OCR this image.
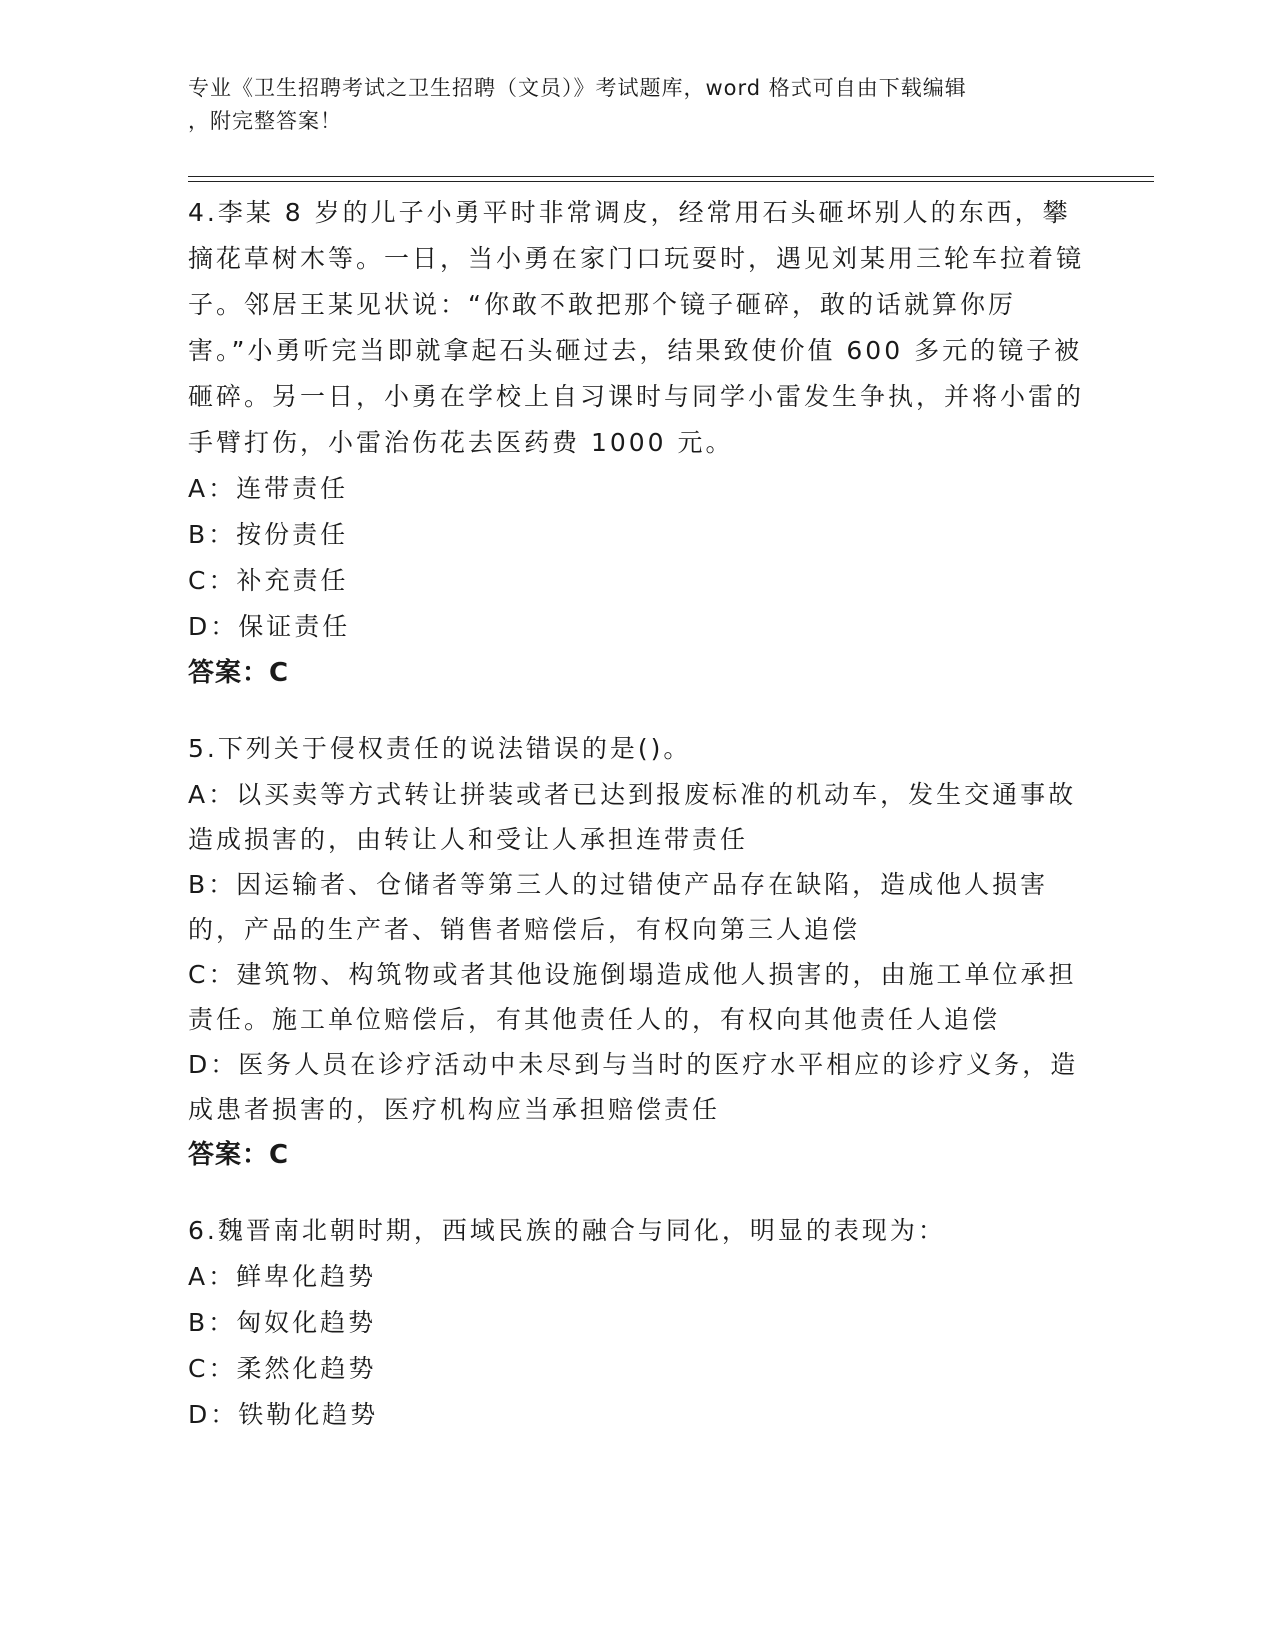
专业《卫生招聘考试之卫生招聘（文员）》考试题库，word 格式可自由下载编辑

，附完整答案！

4.李某 8 岁的儿子小勇平时非常调皮，经常用石头砸坏别人的东西，攀摘花草树木等。一日，当小勇在家门口玩耍时，遇见刘某用三轮车拉着镜子。邻居王某见状说：“你敢不敢把那个镜子砸碎，敢的话就算你厉害。”小勇听完当即就拿起石头砸过去，结果致使价值 600 多元的镜子被砸碎。另一日，小勇在学校上自习课时与同学小雷发生争执，并将小雷的手臂打伤，小雷治伤花去医药费 1000 元。

A：连带责任

B：按份责任

C：补充责任

D：保证责任

答案：C

5.下列关于侵权责任的说法错误的是()。

A：以买卖等方式转让拼装或者已达到报废标准的机动车，发生交通事故造成损害的，由转让人和受让人承担连带责任

B：因运输者、仓储者等第三人的过错使产品存在缺陷，造成他人损害的，产品的生产者、销售者赔偿后，有权向第三人追偿

C：建筑物、构筑物或者其他设施倒塌造成他人损害的，由施工单位承担责任。施工单位赔偿后，有其他责任人的，有权向其他责任人追偿

D：医务人员在诊疗活动中未尽到与当时的医疗水平相应的诊疗义务，造成患者损害的，医疗机构应当承担赔偿责任

答案：C

6.魏晋南北朝时期，西域民族的融合与同化，明显的表现为：

A：鲜卑化趋势

B：匈奴化趋势

C：柔然化趋势

D：铁勒化趋势
